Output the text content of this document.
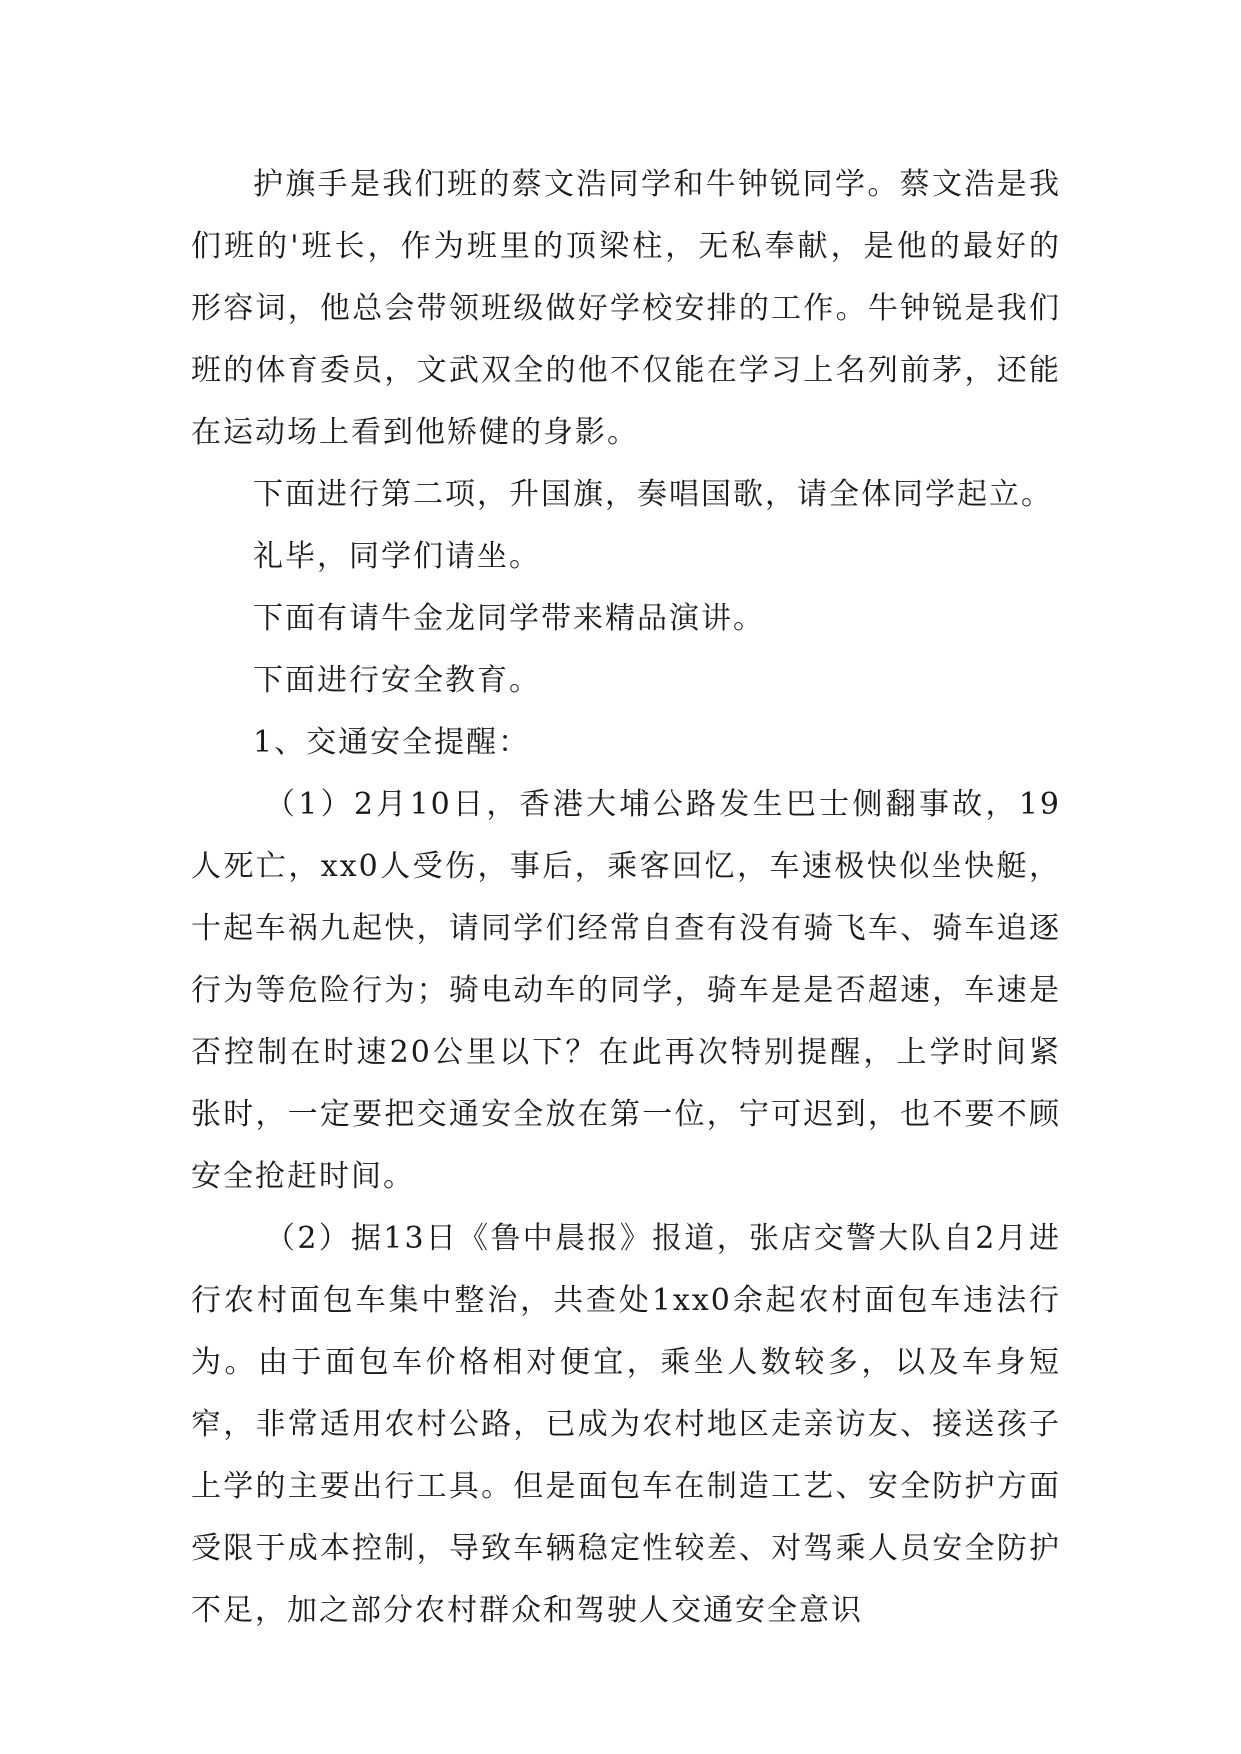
护旗手是我们班的蔡文浩同学和牛钟锐同学。蔡文浩是我们班的'班长，作为班里的顶梁柱，无私奉献，是他的最好的形容词，他总会带领班级做好学校安排的工作。牛钟锐是我们班的体育委员，文武双全的他不仅能在学习上名列前茅，还能在运动场上看到他矫健的身影。

下面进行第二项，升国旗，奏唱国歌，请全体同学起立。

礼毕，同学们请坐。

下面有请牛金龙同学带来精品演讲。

下面进行安全教育。

1、交通安全提醒：

（1）2月10日，香港大埔公路发生巴士侧翻事故，19人死亡，xx0人受伤，事后，乘客回忆，车速极快似坐快艇，十起车祸九起快，请同学们经常自查有没有骑飞车、骑车追逐行为等危险行为；骑电动车的同学，骑车是是否超速，车速是否控制在时速20公里以下？在此再次特别提醒，上学时间紧张时，一定要把交通安全放在第一位，宁可迟到，也不要不顾安全抢赶时间。

（2）据13日《鲁中晨报》报道，张店交警大队自2月进行农村面包车集中整治，共查处1xx0余起农村面包车违法行为。由于面包车价格相对便宜，乘坐人数较多，以及车身短窄，非常适用农村公路，已成为农村地区走亲访友、接送孩子上学的主要出行工具。但是面包车在制造工艺、安全防护方面受限于成本控制，导致车辆稳定性较差、对驾乘人员安全防护不足，加之部分农村群众和驾驶人交通安全意识
